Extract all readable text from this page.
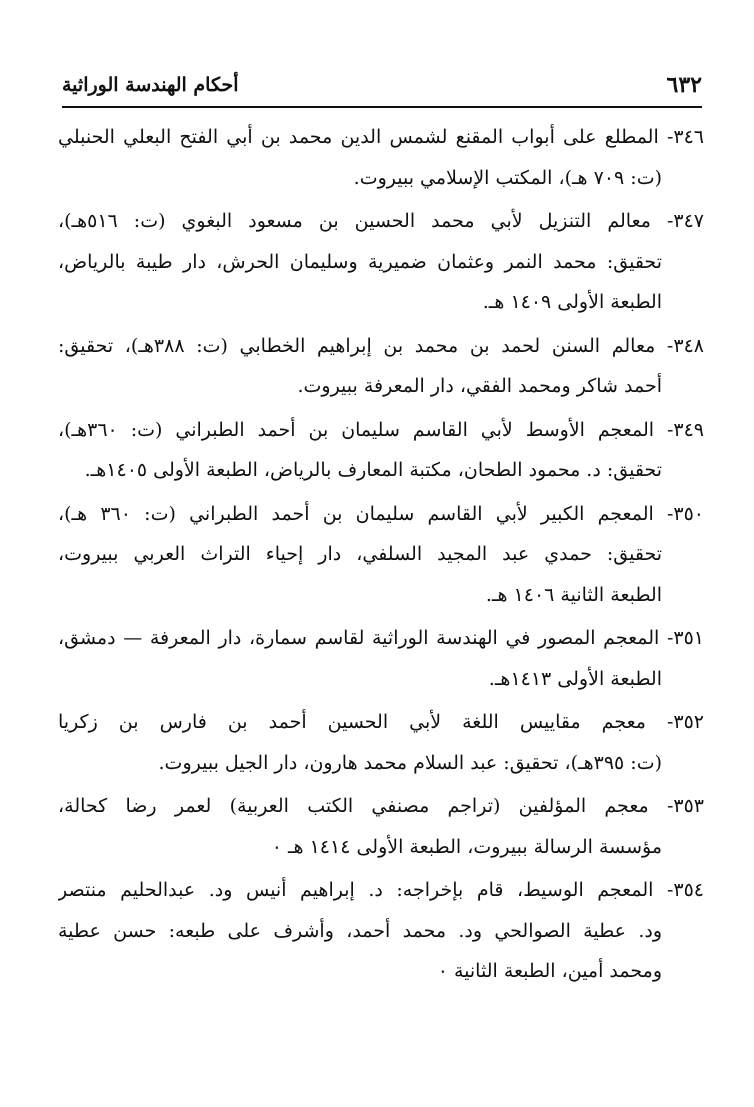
٦٣٢
أحكام الهندسة الوراثية
٣٤٦- المطلع على أبواب المقنع لشمس الدين محمد بن أبي الفتح البعلي الحنبلي
(ت: ٧٠٩ هـ)، المكتب الإسلامي ببيروت.
٣٤٧- معالم التنزيل لأبي محمد الحسين بن مسعود البغوي (ت: ٥١٦هـ)،
تحقيق: محمد النمر وعثمان ضميرية وسليمان الحرش، دار طيبة بالرياض،
الطبعة الأولى ١٤٠٩ هـ.
٣٤٨- معالم السنن لحمد بن محمد بن إبراهيم الخطابي (ت: ٣٨٨هـ)، تحقيق:
أحمد شاكر ومحمد الفقي، دار المعرفة ببيروت.
٣٤٩- المعجم الأوسط لأبي القاسم سليمان بن أحمد الطبراني (ت: ٣٦٠هـ)،
تحقيق: د. محمود الطحان، مكتبة المعارف بالرياض، الطبعة الأولى ١٤٠٥هـ.
٣٥٠- المعجم الكبير لأبي القاسم سليمان بن أحمد الطبراني (ت: ٣٦٠ هـ)،
تحقيق: حمدي عبد المجيد السلفي، دار إحياء التراث العربي ببيروت،
الطبعة الثانية ١٤٠٦ هـ.
٣٥١- المعجم المصور في الهندسة الوراثية لقاسم سمارة، دار المعرفة — دمشق،
الطبعة الأولى ١٤١٣هـ.
٣٥٢- معجم مقاييس اللغة لأبي الحسين أحمد بن فارس بن زكريا
(ت: ٣٩٥هـ)، تحقيق: عبد السلام محمد هارون، دار الجيل ببيروت.
٣٥٣- معجم المؤلفين (تراجم مصنفي الكتب العربية) لعمر رضا كحالة،
مؤسسة الرسالة ببيروت، الطبعة الأولى ١٤١٤ هـ ٠
٣٥٤- المعجم الوسيط، قام بإخراجه: د. إبراهيم أنيس ود. عبدالحليم منتصر
ود. عطية الصوالحي ود. محمد أحمد، وأشرف على طبعه: حسن عطية
ومحمد أمين، الطبعة الثانية ٠
